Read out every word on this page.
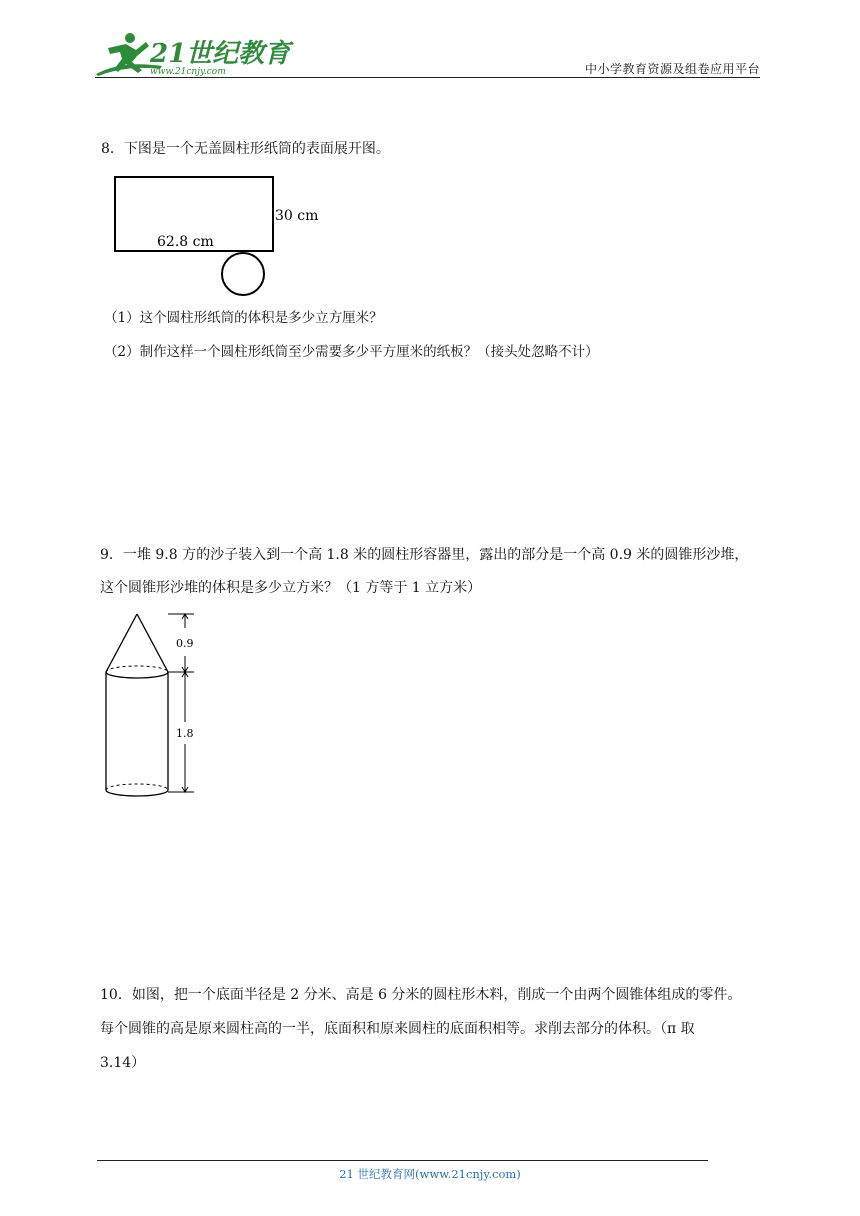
21世纪教育
www.21cnjy.com	中小学教育资源及组卷应用平台
8．下图是一个无盖圆柱形纸筒的表面展开图。
30 cm
62.8 cm
（1）这个圆柱形纸筒的体积是多少立方厘米？
（2）制作这样一个圆柱形纸筒至少需要多少平方厘米的纸板？（接头处忽略不计）
9．一堆 9.8 方的沙子装入到一个高 1.8 米的圆柱形容器里，露出的部分是一个高 0.9 米的圆锥形沙堆，
这个圆锥形沙堆的体积是多少立方米？（1 方等于 1 立方米）
0.9
1.8
10．如图，把一个底面半径是 2 分米、高是 6 分米的圆柱形木料，削成一个由两个圆锥体组成的零件。
每个圆锥的高是原来圆柱高的一半，底面积和原来圆柱的底面积相等。求削去部分的体积。（π 取
3.14）
21 世纪教育网(www.21cnjy.com)
